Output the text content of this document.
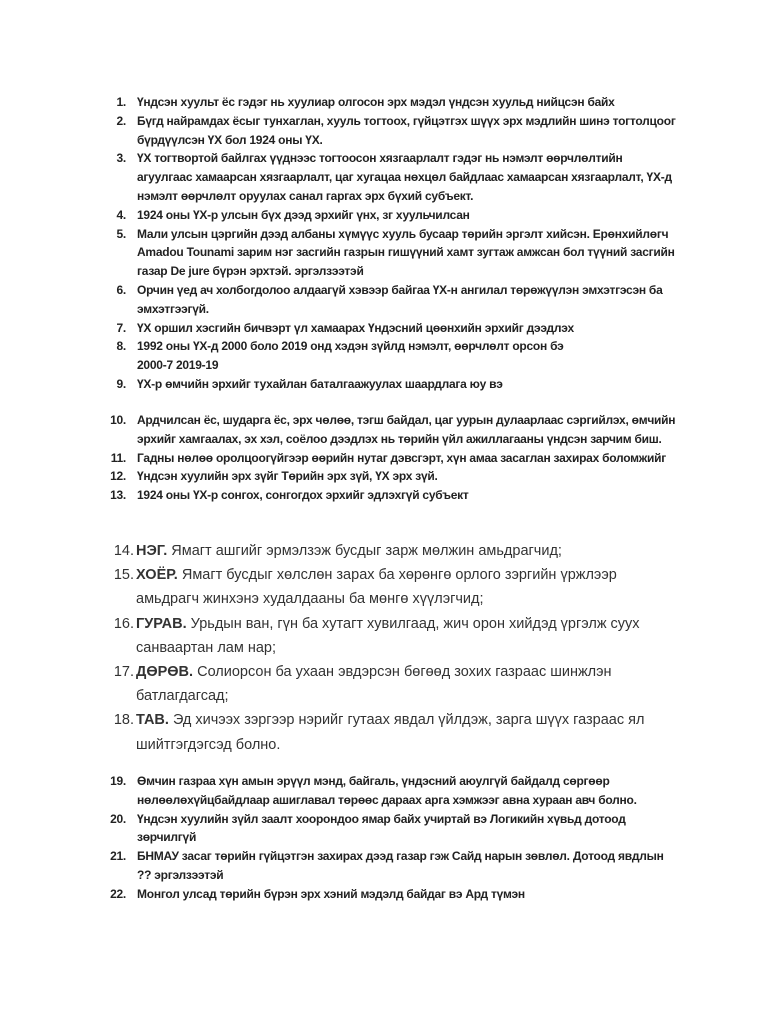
1. Үндсэн хуульт ёс гэдэг нь хуулиар олгосон эрх мэдэл үндсэн хуульд нийцсэн байх
2. Бүгд найрамдах ёсыг тунхаглан, хууль тогтоох, гүйцэтгэх шүүх эрх мэдлийн шинэ тогтолцоог бүрдүүлсэн ҮХ бол 1924 оны ҮХ.
3. ҮХ тогтвортой байлгах үүднээс тогтоосон хязгаарлалт гэдэг нь нэмэлт өөрчлөлтийн агуулгаас хамаарсан хязгаарлалт, цаг хугацаа нөхцөл байдлаас хамаарсан хязгаарлалт, ҮХ-д нэмэлт өөрчлөлт оруулах санал гаргах эрх бүхий субъект.
4. 1924 оны ҮХ-р улсын бүх дээд эрхийг үнх, зг хуульчилсан
5. Мали улсын цэргийн дээд албаны хүмүүс хууль бусаар төрийн эргэлт хийсэн. Ерөнхийлөгч Amadou Tounami зарим нэг засгийн газрын гишүүний хамт зугтаж амжсан бол түүний засгийн газар De jure бүрэн эрхтэй. эргэлзээтэй
6. Орчин үед ач холбогдолоо алдаагүй хэвээр байгаа ҮХ-н ангилал төрөжүүлэн эмхэтгэсэн ба эмхэтгээгүй.
7. ҮХ оршил хэсгийн бичвэрт үл хамаарах Үндэсний цөөнхийн эрхийг дээдлэх
8. 1992 оны ҮХ-д 2000 боло 2019 онд хэдэн зүйлд нэмэлт, өөрчлөлт орсон бэ
2000-7 2019-19
9. ҮХ-р өмчийн эрхийг тухайлан баталгаажуулах шаардлага юу вэ
10. Ардчилсан ёс, шударга ёс, эрх чөлөө, тэгш байдал, цаг уурын дулаарлаас сэргийлэх, өмчийн эрхийг хамгаалах, эх хэл, соёлоо дээдлэх нь төрийн үйл ажиллагааны үндсэн зарчим биш.
11. Гадны нөлөө оролцоогүйгээр өөрийн нутаг дэвсгэрт, хүн амаа засаглан захирах боломжийг
12. Үндсэн хуулийн эрх зүйг Төрийн эрх зүй, ҮХ эрх зүй.
13. 1924 оны ҮХ-р сонгох, сонгогдох эрхийг эдлэхгүй субъект
14. НЭГ. Ямагт ашгийг эрмэлзэж бусдыг зарж мөлжин амьдрагчид;
15. ХОЁР. Ямагт бусдыг хөлслөн зарах ба хөрөнгө орлого зэргийн үржлээр амьдрагч жинхэнэ худалдааны ба мөнгө хүүлэгчид;
16. ГУРАВ. Урьдын ван, гүн ба хутагт хувилгаад, жич орон хийдэд үргэлж суух санваартан лам нар;
17. ДӨРӨВ. Солиорсон ба ухаан эвдэрсэн бөгөөд зохих газраас шинжлэн батлагдагсад;
18. ТАВ. Эд хичээх зэргээр нэрийг гутаах явдал үйлдэж, зарга шүүх газраас ял шийтгэгдэгсэд болно.
19. Өмчин газраа хүн амын эрүүл мэнд, байгаль, үндэсний аюулгүй байдалд сөргөөр нөлөөлөхүйцбайдлаар ашиглавал төрөөс дараах арга хэмжээг авна хураан авч болно.
20. Үндсэн хуулийн зүйл заалт хоорондоо ямар байх учиртай вэ Логикийн хүвьд дотоод зөрчилгүй
21. БНМАУ засаг төрийн гүйцэтгэн захирах дээд газар гэж Сайд нарын зөвлөл. Дотоод явдлын ?? эргэлзээтэй
22. Монгол улсад төрийн бүрэн эрх хэний мэдэлд байдаг вэ Ард түмэн
